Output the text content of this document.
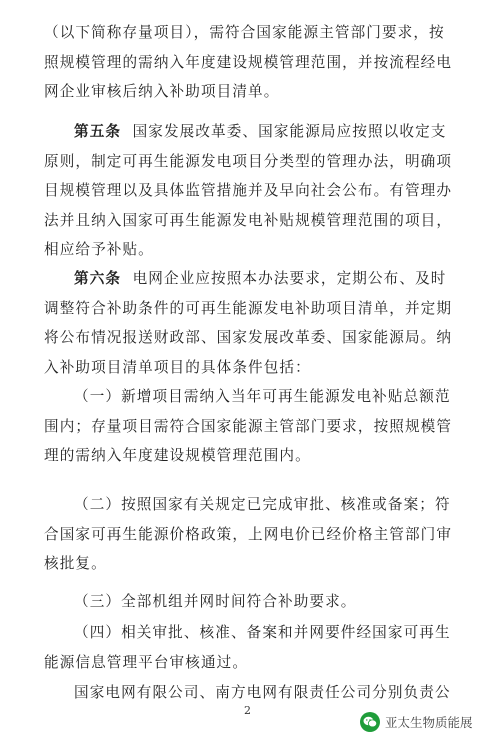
（以下简称存量项目），需符合国家能源主管部门要求，按
照规模管理的需纳入年度建设规模管理范围，并按流程经电
网企业审核后纳入补助项目清单。
第五条 国家发展改革委、国家能源局应按照以收定支
原则，制定可再生能源发电项目分类型的管理办法，明确项
目规模管理以及具体监管措施并及早向社会公布。有管理办
法并且纳入国家可再生能源发电补贴规模管理范围的项目，
相应给予补贴。
第六条 电网企业应按照本办法要求，定期公布、及时
调整符合补助条件的可再生能源发电补助项目清单，并定期
将公布情况报送财政部、国家发展改革委、国家能源局。纳
入补助项目清单项目的具体条件包括：
（一）新增项目需纳入当年可再生能源发电补贴总额范
围内；存量项目需符合国家能源主管部门要求，按照规模管
理的需纳入年度建设规模管理范围内。
（二）按照国家有关规定已完成审批、核准或备案；符
合国家可再生能源价格政策，上网电价已经价格主管部门审
核批复。
（三）全部机组并网时间符合补助要求。
（四）相关审批、核准、备案和并网要件经国家可再生
能源信息管理平台审核通过。
国家电网有限公司、南方电网有限责任公司分别负责公
2
亚太生物质能展
